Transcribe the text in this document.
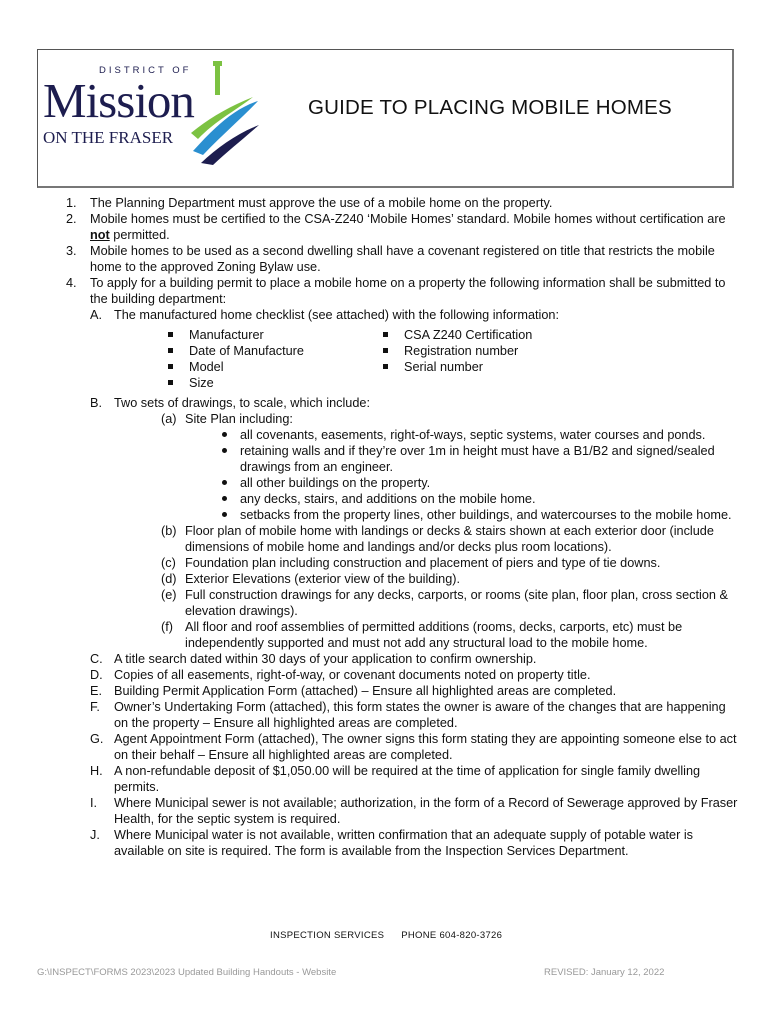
DISTRICT OF
Mission
ON THE FRASER
GUIDE TO PLACING MOBILE HOMES
1. The Planning Department must approve the use of a mobile home on the property.
2. Mobile homes must be certified to the CSA-Z240 ‘Mobile Homes’ standard. Mobile homes without certification are not permitted.
3. Mobile homes to be used as a second dwelling shall have a covenant registered on title that restricts the mobile home to the approved Zoning Bylaw use.
4. To apply for a building permit to place a mobile home on a property the following information shall be submitted to the building department:
A. The manufactured home checklist (see attached) with the following information:
Manufacturer
Date of Manufacture
Model
Size
CSA Z240 Certification
Registration number
Serial number
B. Two sets of drawings, to scale, which include:
(a) Site Plan including:
all covenants, easements, right-of-ways, septic systems, water courses and ponds.
retaining walls and if they’re over 1m in height must have a B1/B2 and signed/sealed drawings from an engineer.
all other buildings on the property.
any decks, stairs, and additions on the mobile home.
setbacks from the property lines, other buildings, and watercourses to the mobile home.
(b) Floor plan of mobile home with landings or decks & stairs shown at each exterior door (include dimensions of mobile home and landings and/or decks plus room locations).
(c) Foundation plan including construction and placement of piers and type of tie downs.
(d) Exterior Elevations (exterior view of the building).
(e) Full construction drawings for any decks, carports, or rooms (site plan, floor plan, cross section & elevation drawings).
(f) All floor and roof assemblies of permitted additions (rooms, decks, carports, etc) must be independently supported and must not add any structural load to the mobile home.
C. A title search dated within 30 days of your application to confirm ownership.
D. Copies of all easements, right-of-way, or covenant documents noted on property title.
E. Building Permit Application Form (attached) – Ensure all highlighted areas are completed.
F. Owner’s Undertaking Form (attached), this form states the owner is aware of the changes that are happening on the property – Ensure all highlighted areas are completed.
G. Agent Appointment Form (attached), The owner signs this form stating they are appointing someone else to act on their behalf – Ensure all highlighted areas are completed.
H. A non-refundable deposit of $1,050.00 will be required at the time of application for single family dwelling permits.
I. Where Municipal sewer is not available; authorization, in the form of a Record of Sewerage approved by Fraser Health, for the septic system is required.
J. Where Municipal water is not available, written confirmation that an adequate supply of potable water is available on site is required. The form is available from the Inspection Services Department.
INSPECTION SERVICES PHONE 604-820-3726
G:\INSPECT\FORMS 2023\2023 Updated Building Handouts - Website	REVISED: January 12, 2022
